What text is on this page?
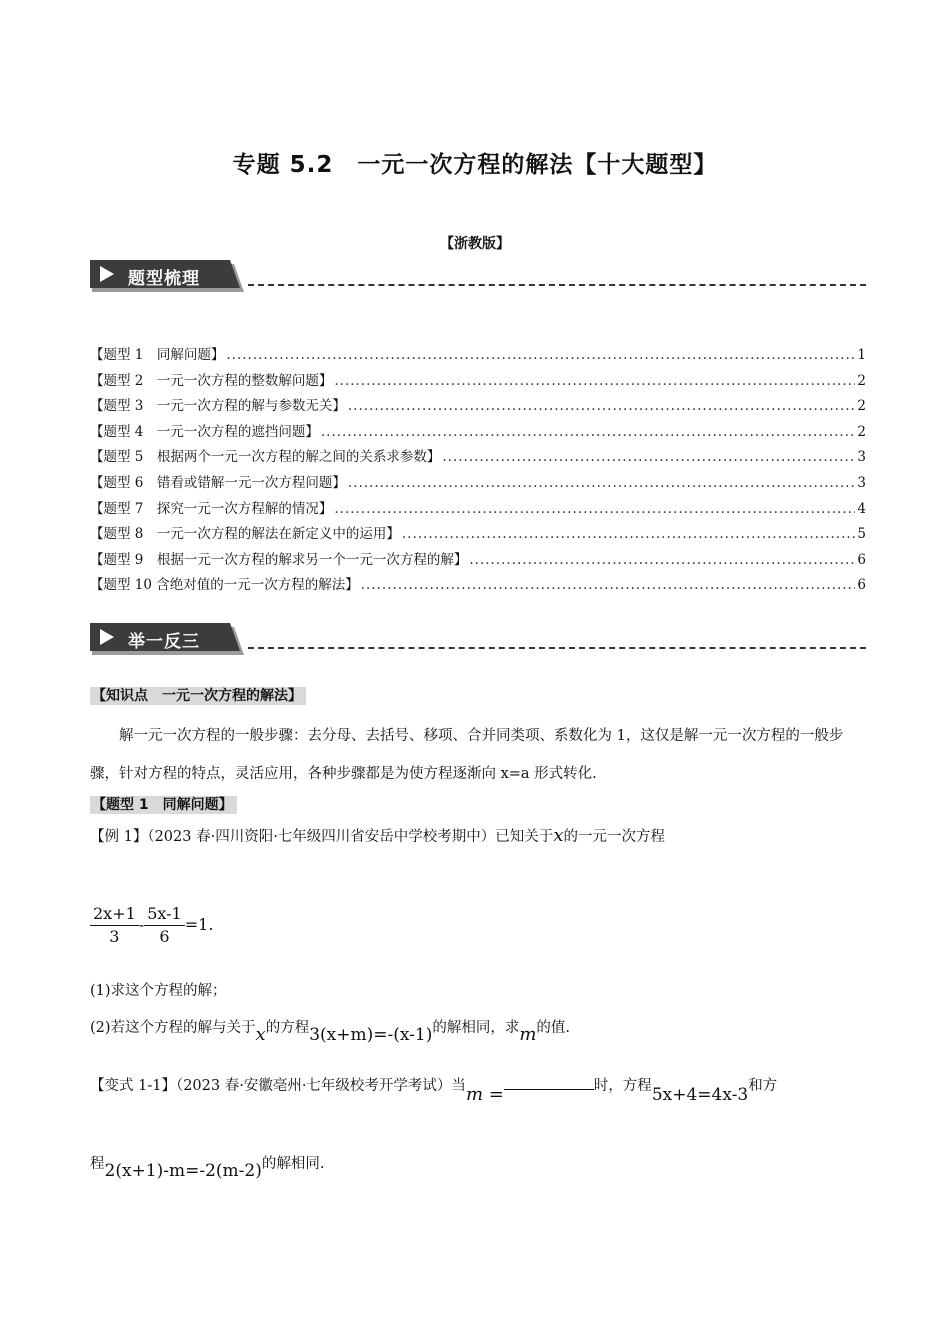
专题 5.2　一元一次方程的解法【十大题型】
【浙教版】
题型梳理
【题型 1　同解问题】 .....	1
【题型 2　一元一次方程的整数解问题】 .....	2
【题型 3　一元一次方程的解与参数无关】 .....	2
【题型 4　一元一次方程的遮挡问题】 .....	2
【题型 5　根据两个一元一次方程的解之间的关系求参数】 .....	3
【题型 6　错看或错解一元一次方程问题】 .....	3
【题型 7　探究一元一次方程解的情况】 .....	4
【题型 8　一元一次方程的解法在新定义中的运用】 .....	5
【题型 9　根据一元一次方程的解求另一个一元一次方程的解】 .....	6
【题型 10 含绝对值的一元一次方程的解法】 .....	6
举一反三
【知识点　一元一次方程的解法】
解一元一次方程的一般步骤：去分母、去括号、移项、合并同类项、系数化为 1，这仅是解一元一次方程的一般步骤，针对方程的特点，灵活应用，各种步骤都是为使方程逐渐向 x=a 形式转化.
【题型 1　同解问题】
【例 1】（2023 春·四川资阳·七年级四川省安岳中学校考期中）已知关于x的一元一次方程
$\frac{2x+1}{3} - \frac{5x-1}{6} =1$.
(1)求这个方程的解；
(2)若这个方程的解与关于x的方程3(x+m)=-(x-1)的解相同，求m的值.
【变式 1-1】（2023 春·安徽亳州·七年级校考开学考试）当m =	时，方程5x+4=4x-3和方
程2(x+1)-m=-2(m-2)的解相同.
